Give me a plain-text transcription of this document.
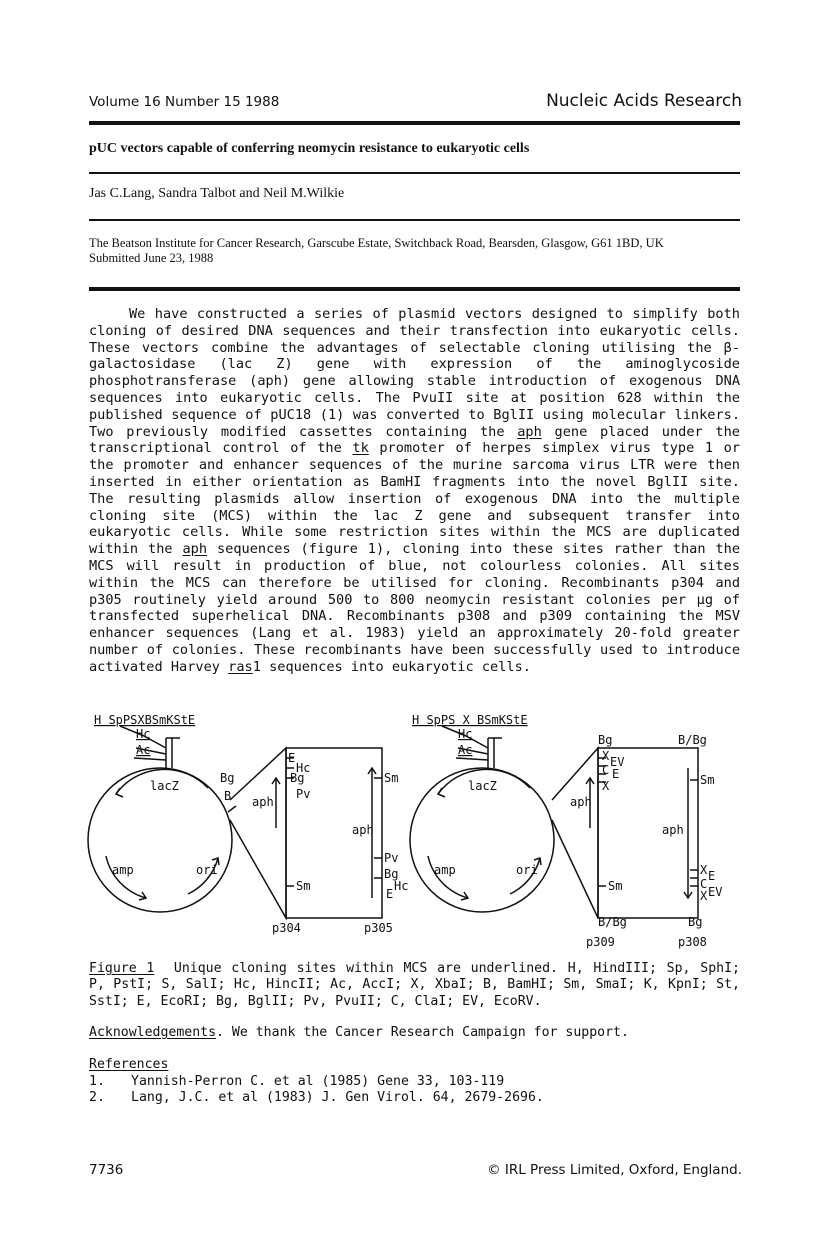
Volume 16 Number 15 1988	Nucleic Acids Research
pUC vectors capable of conferring neomycin resistance to eukaryotic cells
Jas C.Lang, Sandra Talbot and Neil M.Wilkie
The Beatson Institute for Cancer Research, Garscube Estate, Switchback Road, Bearsden, Glasgow, G61 1BD, UK
Submitted June 23, 1988

We have constructed a series of plasmid vectors designed to simplify both cloning of desired DNA sequences and their transfection into eukaryotic cells. These vectors combine the advantages of selectable cloning utilising the β-galactosidase (lac Z) gene with expression of the aminoglycoside phosphotransferase (aph) gene allowing stable introduction of exogenous DNA sequences into eukaryotic cells. The PvuII site at position 628 within the published sequence of pUC18 (1) was converted to BglII using molecular linkers. Two previously modified cassettes containing the aph gene placed under the transcriptional control of the tk promoter of herpes simplex virus type 1 or the promoter and enhancer sequences of the murine sarcoma virus LTR were then inserted in either orientation as BamHI fragments into the novel BglII site. The resulting plasmids allow insertion of exogenous DNA into the multiple cloning site (MCS) within the lac Z gene and subsequent transfer into eukaryotic cells. While some restriction sites within the MCS are duplicated within the aph sequences (figure 1), cloning into these sites rather than the MCS will result in production of blue, not colourless colonies. All sites within the MCS can therefore be utilised for cloning. Recombinants p304 and p305 routinely yield around 500 to 800 neomycin resistant colonies per µg of transfected superhelical DNA. Recombinants p308 and p309 containing the MSV enhancer sequences (Lang et al. 1983) yield an approximately 20-fold greater number of colonies. These recombinants have been successfully used to introduce activated Harvey ras1 sequences into eukaryotic cells.

H SpPSXBSmKStE
Hc
Ac
lacZ
amp	ori
Bg
B aph
aph
E
Hc
Bg
Pv
Sm
Sm
Pv
Bg
Hc
E
p304	p305
H SpPS X BSmKStE
Hc
Ac
lacZ
amp	ori
aph
aph
Bg	B/Bg
X EV
C E
X
Sm
Sm
X E
C
X EV
B/Bg	Bg
p309	p308
Figure 1 Unique cloning sites within MCS are underlined. H, HindIII; Sp, SphI; P, PstI; S, SalI; Hc, HincII; Ac, AccI; X, XbaI; B, BamHI; Sm, SmaI; K, KpnI; St, SstI; E, EcoRI; Bg, BglII; Pv, PvuII; C, ClaI; EV, EcoRV.
Acknowledgements. We thank the Cancer Research Campaign for support.
References
1. Yannish-Perron C. et al (1985) Gene 33, 103-119
2. Lang, J.C. et al (1983) J. Gen Virol. 64, 2679-2696.
7736	© IRL Press Limited, Oxford, England.
